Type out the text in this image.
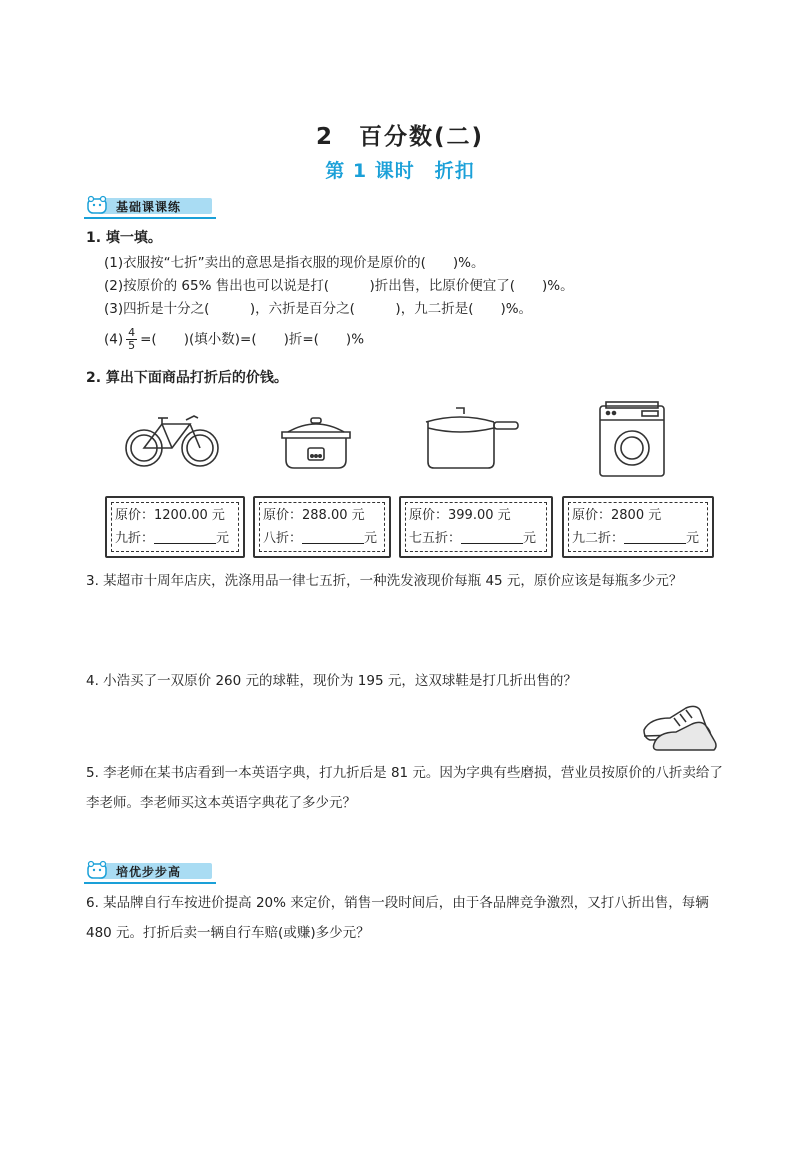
2　百分数(二)
第 1 课时　折扣
基础课课练
1. 填一填。
(1)衣服按“七折”卖出的意思是指衣服的现价是原价的(　　)%。
(2)按原价的 65% 售出也可以说是打(　　　)折出售，比原价便宜了(　　)%。
(3)四折是十分之(　　　)，六折是百分之(　　　)，九二折是(　　)%。
$(4) \frac{4}{5}$ =(　　)(填小数)=(　　)折=(　　)%
2. 算出下面商品打折后的价钱。
原价：1200.00 元
九折：	元
原价：288.00 元
八折：	元
原价：399.00 元
七五折：	元
原价：2800 元
九二折：	元
3. 某超市十周年店庆，洗涤用品一律七五折，一种洗发液现价每瓶 45 元，原价应该是每瓶多少元？
4. 小浩买了一双原价 260 元的球鞋，现价为 195 元，这双球鞋是打几折出售的？
5. 李老师在某书店看到一本英语字典，打九折后是 81 元。因为字典有些磨损，营业员按原价的八折卖给了李老师。李老师买这本英语字典花了多少元？
培优步步高
6. 某品牌自行车按进价提高 20% 来定价，销售一段时间后，由于各品牌竞争激烈，又打八折出售，每辆 480 元。打折后卖一辆自行车赔(或赚)多少元？
